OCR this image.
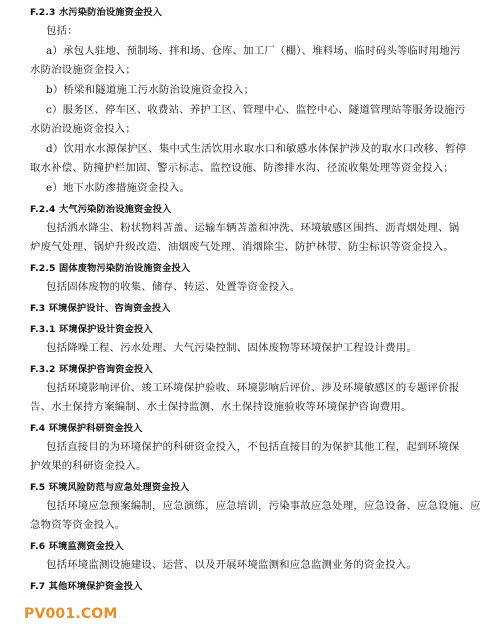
F.2.3 水污染防治设施资金投入
包括：
a）承包人驻地、预制场、拌和场、仓库、加工厂（棚）、堆料场、临时码头等临时用地污
水防治设施资金投入；
b）桥梁和隧道施工污水防治设施资金投入；
c）服务区、停车区、收费站、养护工区、管理中心、监控中心、隧道管理站等服务设施污
水防治设施资金投入；
d）饮用水水源保护区、集中式生活饮用水取水口和敏感水体保护涉及的取水口改移、暂停
取水补偿、防撞护栏加固、警示标志、监控设施、防渗排水沟、径流收集处理等资金投入；
e）地下水防渗措施资金投入。
F.2.4 大气污染防治设施资金投入
包括洒水降尘、粉状物料苫盖、运输车辆苫盖和冲洗、环境敏感区围挡、沥青烟处理、锅
炉废气处理、锅炉升级改造、油烟废气处理、消烟除尘、防护林带、防尘标识等资金投入。
F.2.5 固体废物污染防治设施资金投入
包括固体废物的收集、储存、转运、处置等资金投入。
F.3 环境保护设计、咨询资金投入
F.3.1 环境保护设计资金投入
包括降噪工程、污水处理、大气污染控制、固体废物等环境保护工程设计费用。
F.3.2 环境保护咨询资金投入
包括环境影响评价、竣工环境保护验收、环境影响后评价、涉及环境敏感区的专题评价报
告、水土保持方案编制、水土保持监测、水土保持设施验收等环境保护咨询费用。
F.4 环境保护科研资金投入
包括直接目的为环境保护的科研资金投入，不包括直接目的为保护其他工程，起到环境保
护效果的科研资金投入。
F.5 环境风险防范与应急处理资金投入
包括环境应急预案编制，应急演练，应急培训，污染事故应急处理，应急设备、应急设施、应
急物资等资金投入。
F.6 环境监测资金投入
包括环境监测设施建设、运营、以及开展环境监测和应急监测业务的资金投入。
F.7 其他环境保护资金投入
PV001.COM
